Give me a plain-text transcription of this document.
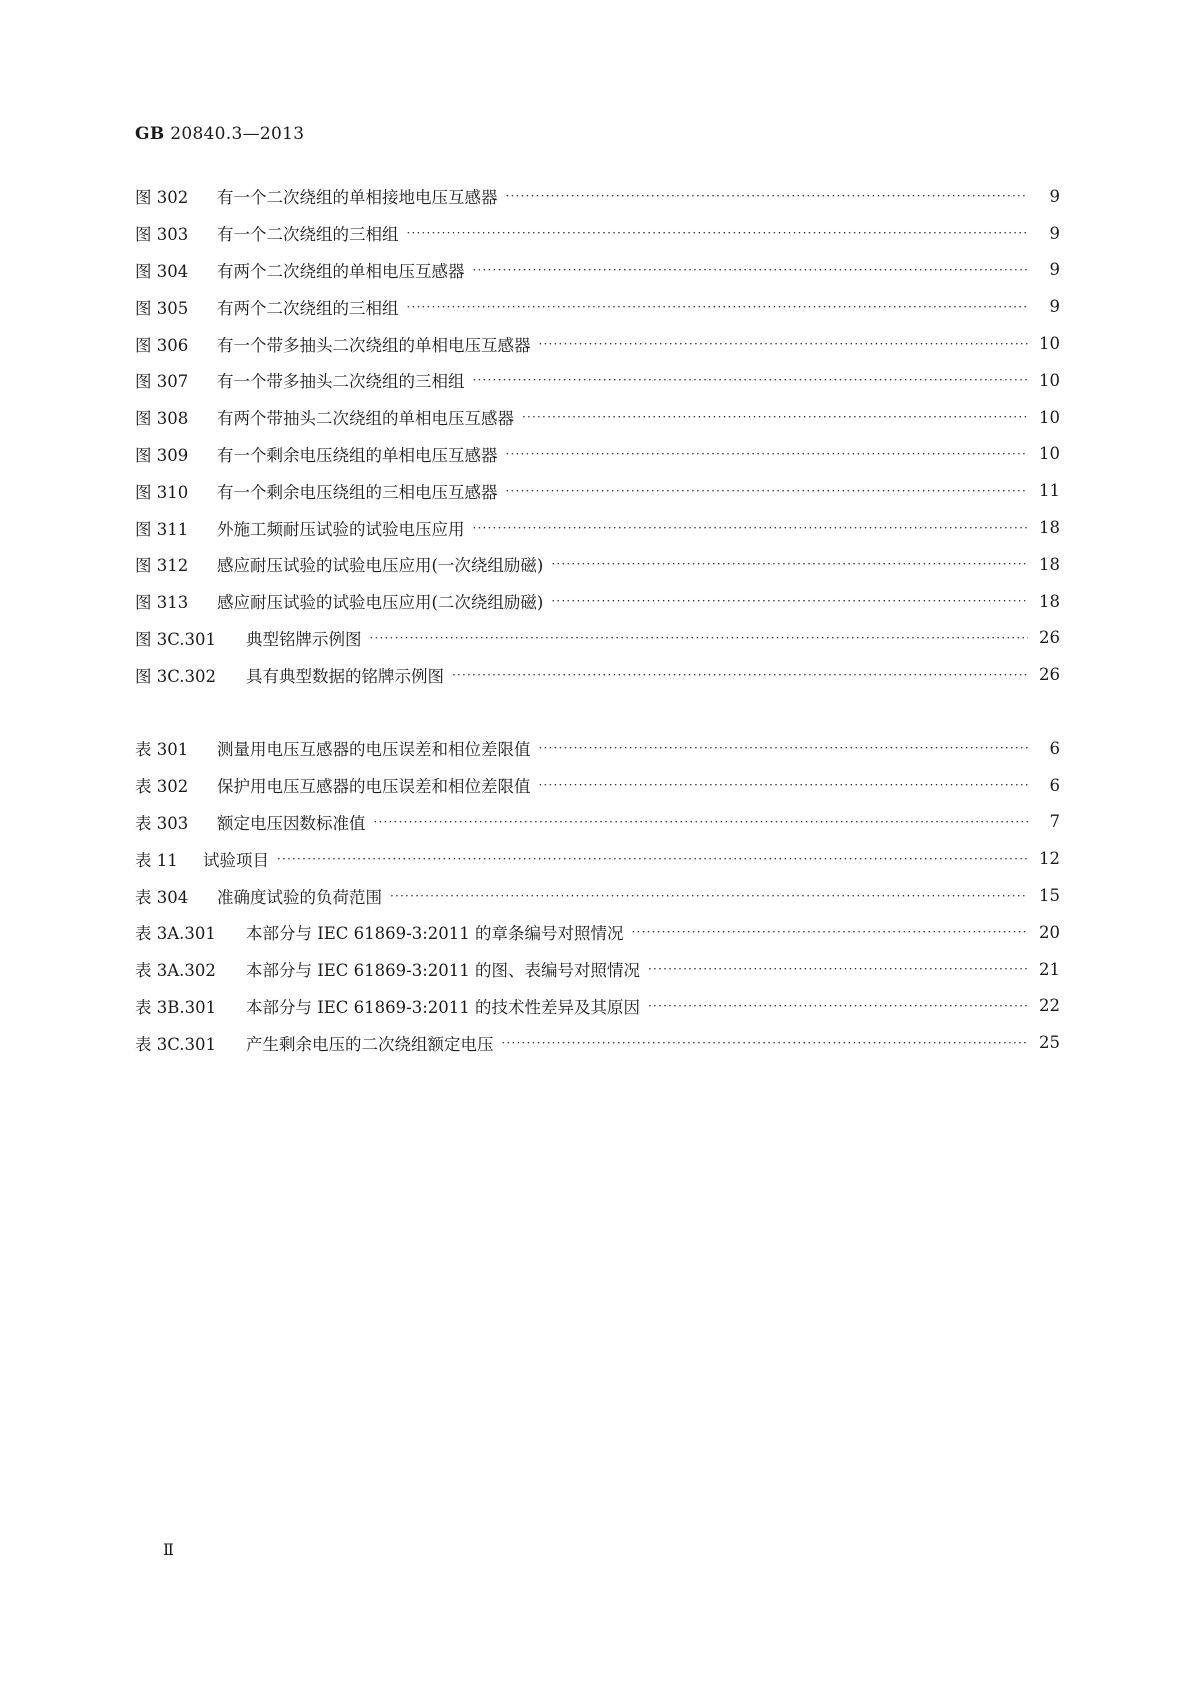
GB 20840.3—2013
图 302	有一个二次绕组的单相接地电压互感器 ·····	9
图 303	有一个二次绕组的三相组 ·····	9
图 304	有两个二次绕组的单相电压互感器 ·····	9
图 305	有两个二次绕组的三相组 ·····	9
图 306	有一个带多抽头二次绕组的单相电压互感器 ·····	10
图 307	有一个带多抽头二次绕组的三相组 ·····	10
图 308	有两个带抽头二次绕组的单相电压互感器 ·····	10
图 309	有一个剩余电压绕组的单相电压互感器 ·····	10
图 310	有一个剩余电压绕组的三相电压互感器 ·····	11
图 311	外施工频耐压试验的试验电压应用 ·····	18
图 312	感应耐压试验的试验电压应用(一次绕组励磁) ·····	18
图 313	感应耐压试验的试验电压应用(二次绕组励磁) ·····	18
图 3C.301	典型铭牌示例图 ·····	26
图 3C.302	具有典型数据的铭牌示例图 ·····	26
表 301	测量用电压互感器的电压误差和相位差限值 ·····	6
表 302	保护用电压互感器的电压误差和相位差限值 ·····	6
表 303	额定电压因数标准值 ·····	7
表 11	试验项目 ·····	12
表 304	准确度试验的负荷范围 ·····	15
表 3A.301	本部分与 IEC 61869-3:2011 的章条编号对照情况 ·····	20
表 3A.302	本部分与 IEC 61869-3:2011 的图、表编号对照情况 ·····	21
表 3B.301	本部分与 IEC 61869-3:2011 的技术性差异及其原因 ·····	22
表 3C.301	产生剩余电压的二次绕组额定电压 ·····	25
Ⅱ
